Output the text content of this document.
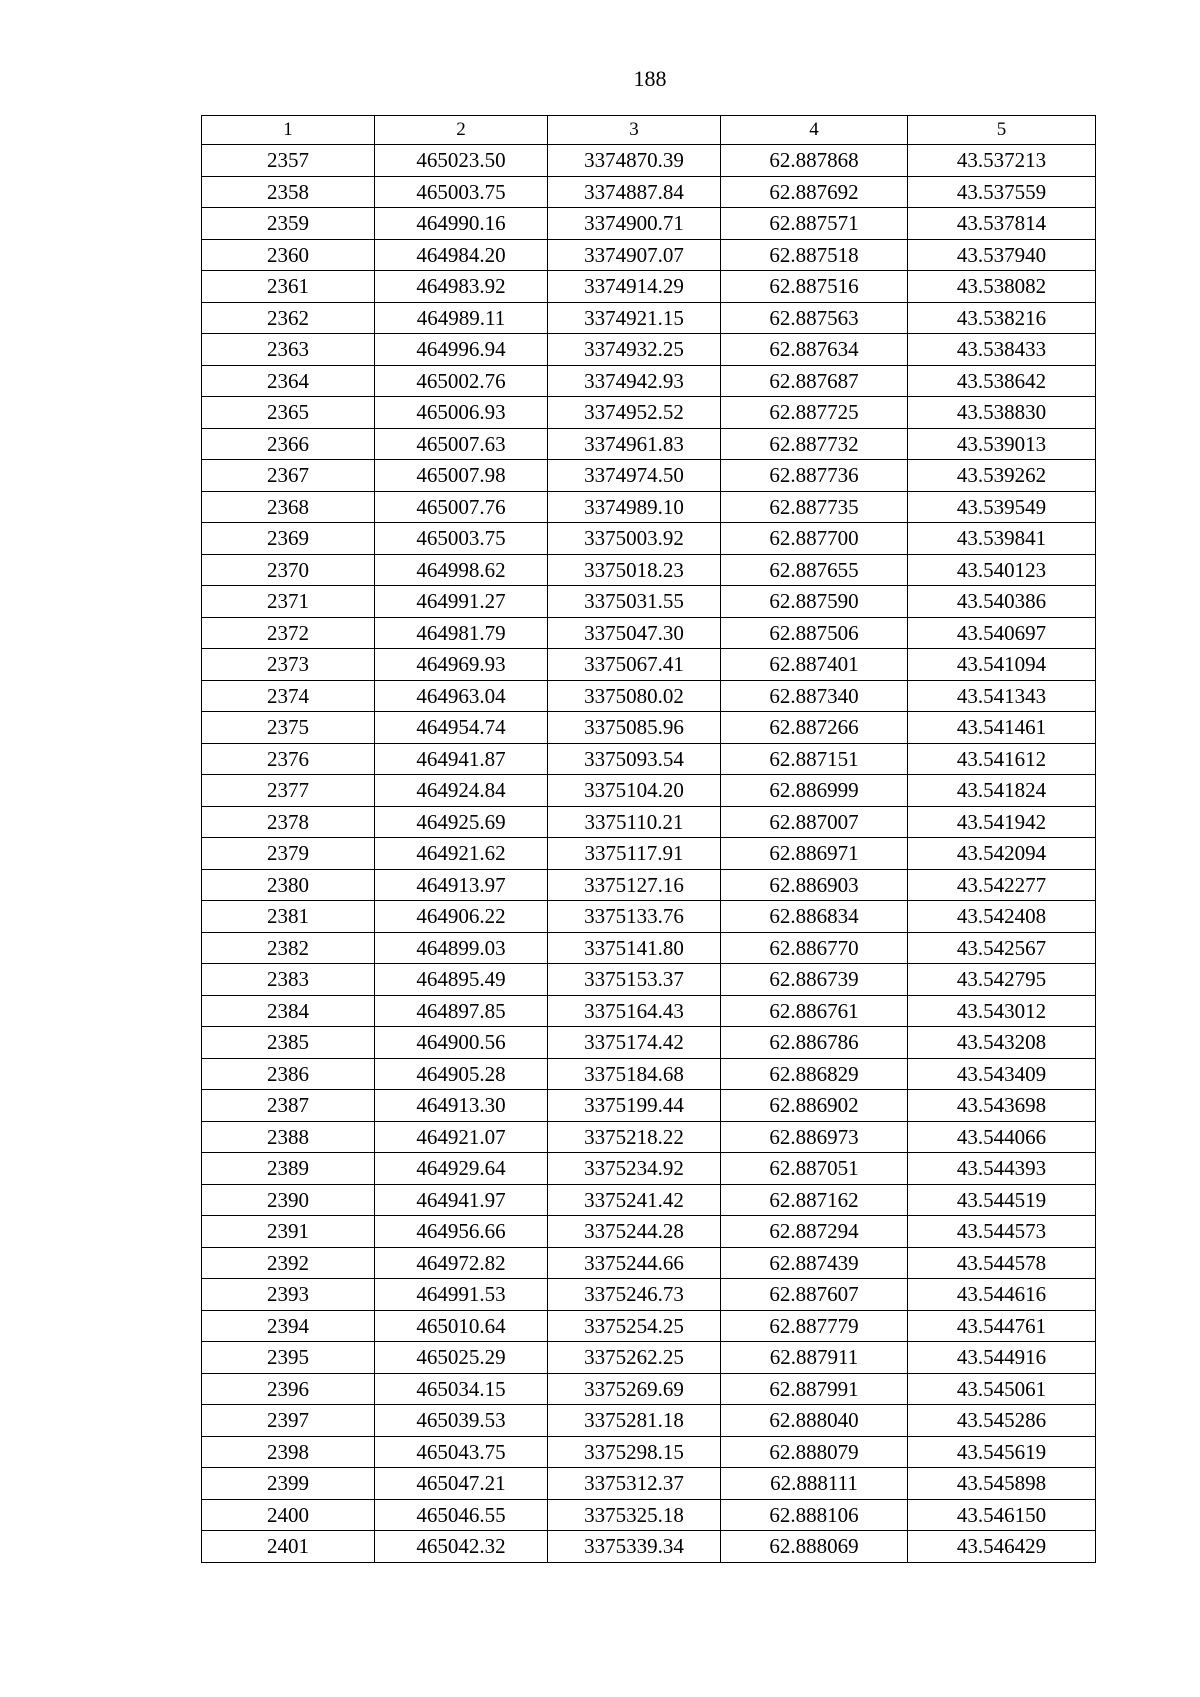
188
1	2	3	4	5
2357	465023.50	3374870.39	62.887868	43.537213
2358	465003.75	3374887.84	62.887692	43.537559
2359	464990.16	3374900.71	62.887571	43.537814
2360	464984.20	3374907.07	62.887518	43.537940
2361	464983.92	3374914.29	62.887516	43.538082
2362	464989.11	3374921.15	62.887563	43.538216
2363	464996.94	3374932.25	62.887634	43.538433
2364	465002.76	3374942.93	62.887687	43.538642
2365	465006.93	3374952.52	62.887725	43.538830
2366	465007.63	3374961.83	62.887732	43.539013
2367	465007.98	3374974.50	62.887736	43.539262
2368	465007.76	3374989.10	62.887735	43.539549
2369	465003.75	3375003.92	62.887700	43.539841
2370	464998.62	3375018.23	62.887655	43.540123
2371	464991.27	3375031.55	62.887590	43.540386
2372	464981.79	3375047.30	62.887506	43.540697
2373	464969.93	3375067.41	62.887401	43.541094
2374	464963.04	3375080.02	62.887340	43.541343
2375	464954.74	3375085.96	62.887266	43.541461
2376	464941.87	3375093.54	62.887151	43.541612
2377	464924.84	3375104.20	62.886999	43.541824
2378	464925.69	3375110.21	62.887007	43.541942
2379	464921.62	3375117.91	62.886971	43.542094
2380	464913.97	3375127.16	62.886903	43.542277
2381	464906.22	3375133.76	62.886834	43.542408
2382	464899.03	3375141.80	62.886770	43.542567
2383	464895.49	3375153.37	62.886739	43.542795
2384	464897.85	3375164.43	62.886761	43.543012
2385	464900.56	3375174.42	62.886786	43.543208
2386	464905.28	3375184.68	62.886829	43.543409
2387	464913.30	3375199.44	62.886902	43.543698
2388	464921.07	3375218.22	62.886973	43.544066
2389	464929.64	3375234.92	62.887051	43.544393
2390	464941.97	3375241.42	62.887162	43.544519
2391	464956.66	3375244.28	62.887294	43.544573
2392	464972.82	3375244.66	62.887439	43.544578
2393	464991.53	3375246.73	62.887607	43.544616
2394	465010.64	3375254.25	62.887779	43.544761
2395	465025.29	3375262.25	62.887911	43.544916
2396	465034.15	3375269.69	62.887991	43.545061
2397	465039.53	3375281.18	62.888040	43.545286
2398	465043.75	3375298.15	62.888079	43.545619
2399	465047.21	3375312.37	62.888111	43.545898
2400	465046.55	3375325.18	62.888106	43.546150
2401	465042.32	3375339.34	62.888069	43.546429
